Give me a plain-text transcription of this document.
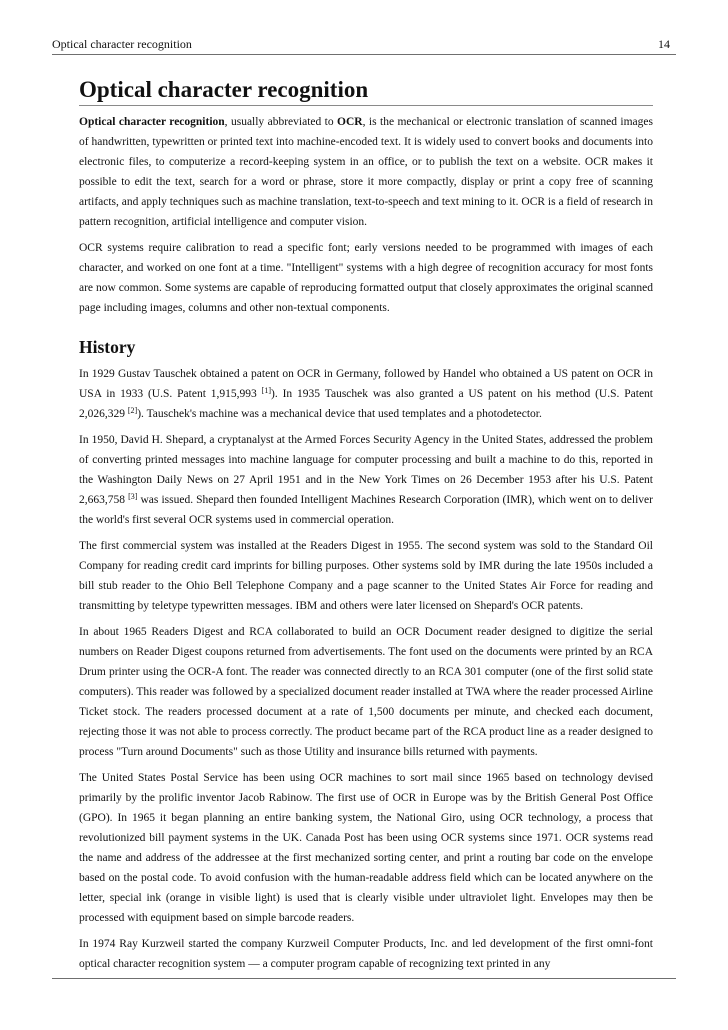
Optical character recognition	14
Optical character recognition

Optical character recognition, usually abbreviated to OCR, is the mechanical or electronic translation of scanned images of handwritten, typewritten or printed text into machine-encoded text. It is widely used to convert books and documents into electronic files, to computerize a record-keeping system in an office, or to publish the text on a website. OCR makes it possible to edit the text, search for a word or phrase, store it more compactly, display or print a copy free of scanning artifacts, and apply techniques such as machine translation, text-to-speech and text mining to it. OCR is a field of research in pattern recognition, artificial intelligence and computer vision.

OCR systems require calibration to read a specific font; early versions needed to be programmed with images of each character, and worked on one font at a time. "Intelligent" systems with a high degree of recognition accuracy for most fonts are now common. Some systems are capable of reproducing formatted output that closely approximates the original scanned page including images, columns and other non-textual components.

History

In 1929 Gustav Tauschek obtained a patent on OCR in Germany, followed by Handel who obtained a US patent on OCR in USA in 1933 (U.S. Patent 1,915,993 [1]). In 1935 Tauschek was also granted a US patent on his method (U.S. Patent 2,026,329 [2]). Tauschek's machine was a mechanical device that used templates and a photodetector.

In 1950, David H. Shepard, a cryptanalyst at the Armed Forces Security Agency in the United States, addressed the problem of converting printed messages into machine language for computer processing and built a machine to do this, reported in the Washington Daily News on 27 April 1951 and in the New York Times on 26 December 1953 after his U.S. Patent 2,663,758 [3] was issued. Shepard then founded Intelligent Machines Research Corporation (IMR), which went on to deliver the world's first several OCR systems used in commercial operation.

The first commercial system was installed at the Readers Digest in 1955. The second system was sold to the Standard Oil Company for reading credit card imprints for billing purposes. Other systems sold by IMR during the late 1950s included a bill stub reader to the Ohio Bell Telephone Company and a page scanner to the United States Air Force for reading and transmitting by teletype typewritten messages. IBM and others were later licensed on Shepard's OCR patents.

In about 1965 Readers Digest and RCA collaborated to build an OCR Document reader designed to digitize the serial numbers on Reader Digest coupons returned from advertisements. The font used on the documents were printed by an RCA Drum printer using the OCR-A font. The reader was connected directly to an RCA 301 computer (one of the first solid state computers). This reader was followed by a specialized document reader installed at TWA where the reader processed Airline Ticket stock. The readers processed document at a rate of 1,500 documents per minute, and checked each document, rejecting those it was not able to process correctly. The product became part of the RCA product line as a reader designed to process "Turn around Documents" such as those Utility and insurance bills returned with payments.

The United States Postal Service has been using OCR machines to sort mail since 1965 based on technology devised primarily by the prolific inventor Jacob Rabinow. The first use of OCR in Europe was by the British General Post Office (GPO). In 1965 it began planning an entire banking system, the National Giro, using OCR technology, a process that revolutionized bill payment systems in the UK. Canada Post has been using OCR systems since 1971. OCR systems read the name and address of the addressee at the first mechanized sorting center, and print a routing bar code on the envelope based on the postal code. To avoid confusion with the human-readable address field which can be located anywhere on the letter, special ink (orange in visible light) is used that is clearly visible under ultraviolet light. Envelopes may then be processed with equipment based on simple barcode readers.

In 1974 Ray Kurzweil started the company Kurzweil Computer Products, Inc. and led development of the first omni-font optical character recognition system — a computer program capable of recognizing text printed in any
